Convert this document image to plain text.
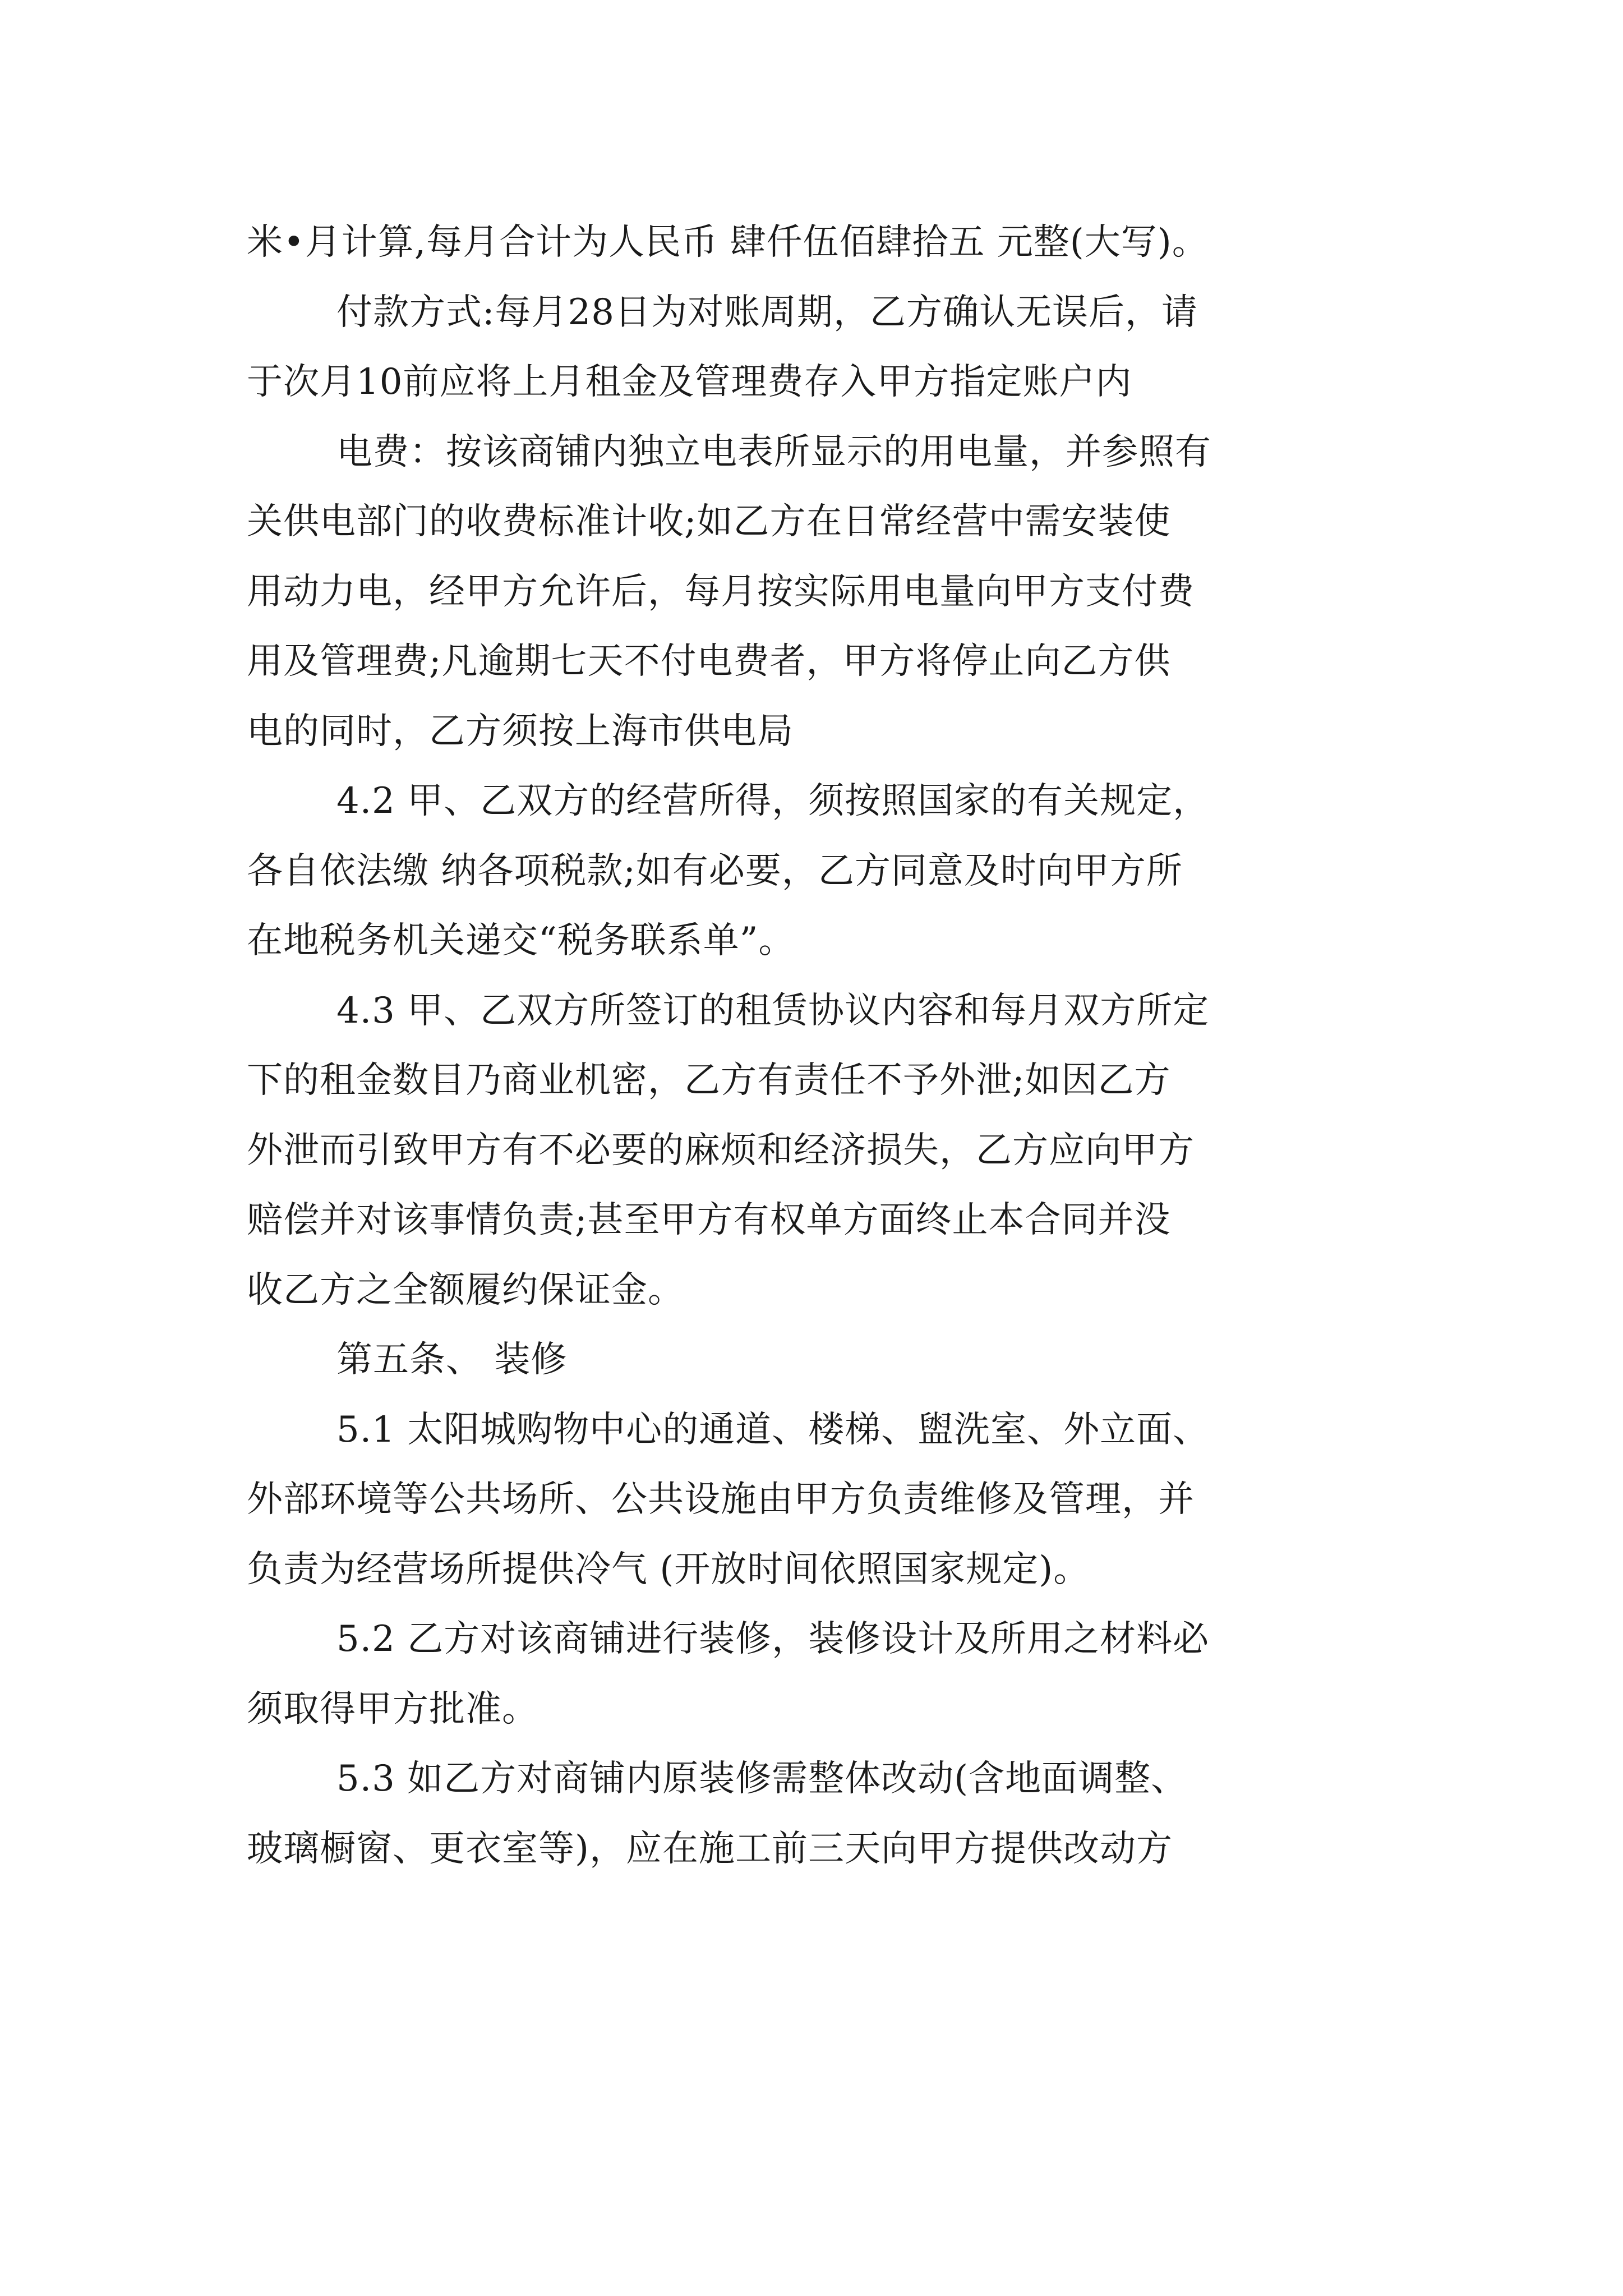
米•月计算,每月合计为人民币 肆仟伍佰肆拾五 元整(大写)。
付款方式:每月28日为对账周期，乙方确认无误后，请
于次月10前应将上月租金及管理费存入甲方指定账户内
电费：按该商铺内独立电表所显示的用电量，并参照有
关供电部门的收费标准计收;如乙方在日常经营中需安装使
用动力电，经甲方允许后，每月按实际用电量向甲方支付费
用及管理费;凡逾期七天不付电费者，甲方将停止向乙方供
电的同时，乙方须按上海市供电局
4.2 甲、乙双方的经营所得，须按照国家的有关规定，
各自依法缴 纳各项税款;如有必要，乙方同意及时向甲方所
在地税务机关递交“税务联系单”。
4.3 甲、乙双方所签订的租赁协议内容和每月双方所定
下的租金数目乃商业机密，乙方有责任不予外泄;如因乙方
外泄而引致甲方有不必要的麻烦和经济损失，乙方应向甲方
赔偿并对该事情负责;甚至甲方有权单方面终止本合同并没
收乙方之全额履约保证金。
第五条、 装修
5.1 太阳城购物中心的通道、楼梯、盥洗室、外立面、
外部环境等公共场所、公共设施由甲方负责维修及管理，并
负责为经营场所提供冷气 (开放时间依照国家规定)。
5.2 乙方对该商铺进行装修，装修设计及所用之材料必
须取得甲方批准。
5.3 如乙方对商铺内原装修需整体改动(含地面调整、
玻璃橱窗、更衣室等)，应在施工前三天向甲方提供改动方
